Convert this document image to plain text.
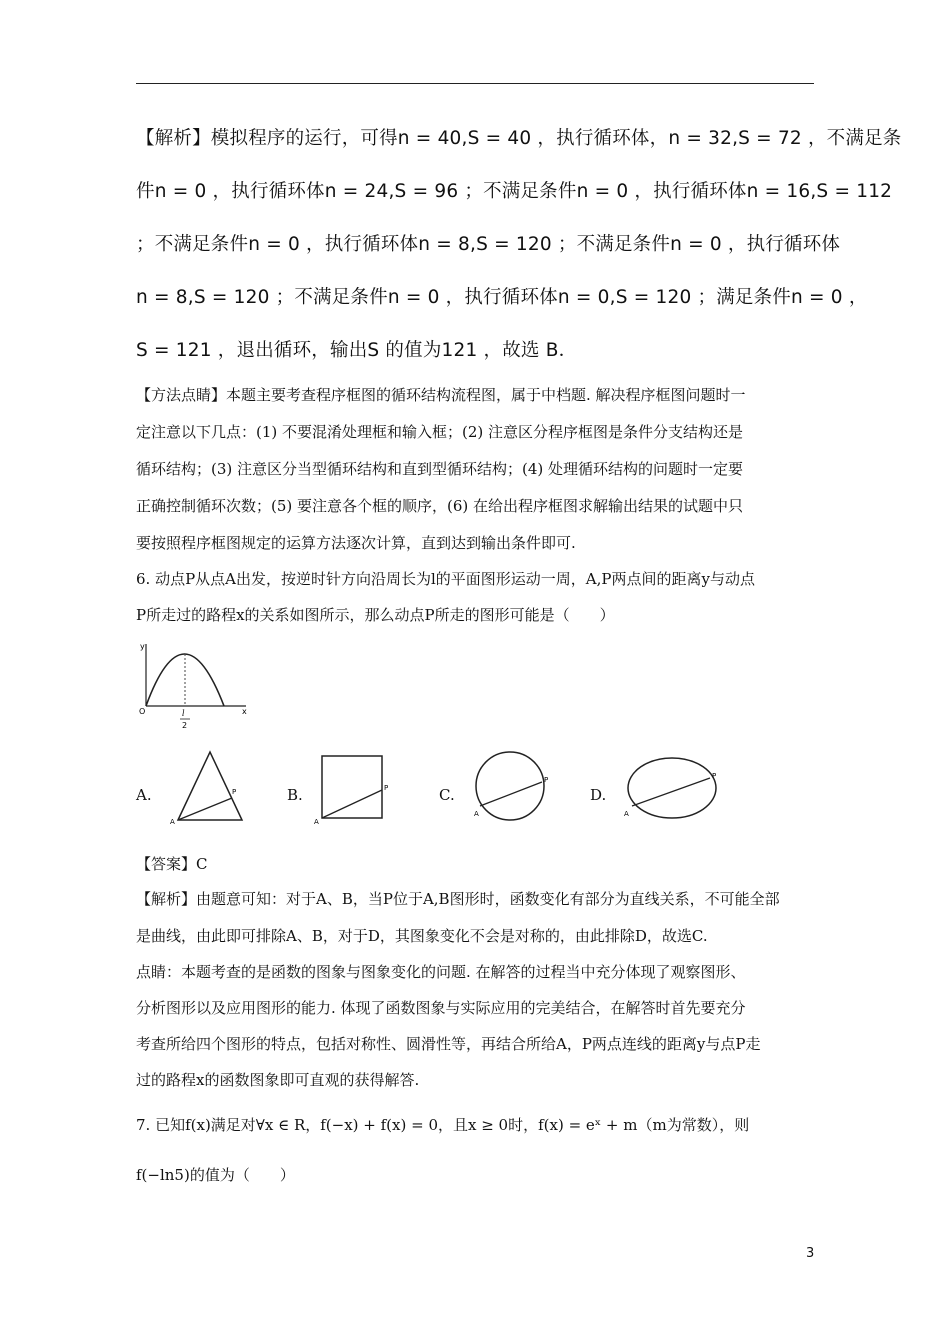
【解析】模拟程序的运行，可得n = 40,S = 40 ，执行循环体，n = 32,S = 72 ，不满足条
件n = 0 ，执行循环体n = 24,S = 96 ；不满足条件n = 0 ，执行循环体n = 16,S = 112
；不满足条件n = 0 ，执行循环体n = 8,S = 120 ；不满足条件n = 0 ，执行循环体
n = 8,S = 120 ；不满足条件n = 0 ，执行循环体n = 0,S = 120 ；满足条件n = 0 ，
S = 121 ，退出循环，输出S 的值为121 ，故选 B．
【方法点睛】本题主要考查程序框图的循环结构流程图，属于中档题. 解决程序框图问题时一
定注意以下几点：(1) 不要混淆处理框和输入框；(2) 注意区分程序框图是条件分支结构还是
循环结构；(3) 注意区分当型循环结构和直到型循环结构；(4) 处理循环结构的问题时一定要
正确控制循环次数；(5) 要注意各个框的顺序，(6) 在给出程序框图求解输出结果的试题中只
要按照程序框图规定的运算方法逐次计算，直到达到输出条件即可.
6. 动点P从点A出发，按逆时针方向沿周长为l的平面图形运动一周，A,P两点间的距离y与动点
P所走过的路程x的关系如图所示，那么动点P所走的图形可能是（　　）
y
x
O	l
2
A.	P
A
B.	P
A
C.
P
A
D.
P
A
【答案】C
【解析】由题意可知：对于A、B，当P位于A,B图形时，函数变化有部分为直线关系，不可能全部
是曲线，由此即可排除A、B，对于D，其图象变化不会是对称的，由此排除D，故选C.
点睛：本题考查的是函数的图象与图象变化的问题. 在解答的过程当中充分体现了观察图形、
分析图形以及应用图形的能力. 体现了函数图象与实际应用的完美结合，在解答时首先要充分
考查所给四个图形的特点，包括对称性、圆滑性等，再结合所给A，P两点连线的距离y与点P走
过的路程x的函数图象即可直观的获得解答.
7. 已知f(x)满足对∀x ∈ R，f(−x) + f(x) = 0，且x ≥ 0时，f(x) = eˣ + m（m为常数），则
f(−ln5)的值为（　　）
3
